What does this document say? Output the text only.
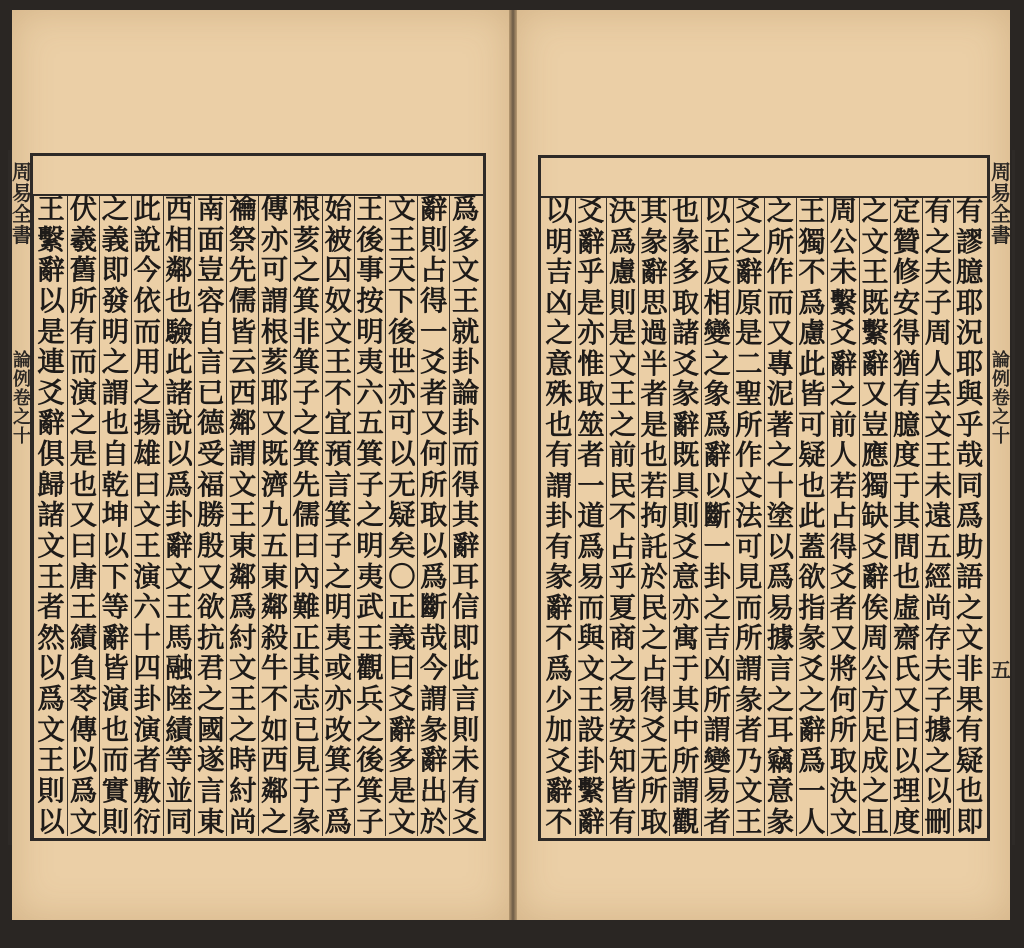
周
易
全
書
論
例
卷
之
十
爲
多
文
王
就
卦
論
卦
而
得
其
辭
耳
信
即
此
言
則
未
有
爻
辭
則
占
得
一
爻
者
又
何
所
取
以
爲
斷
哉
今
謂
彖
辭
出
於
文
王
天
下
後
世
亦
可
以
无
疑
矣
〇
正
義
曰
爻
辭
多
是
文
王
後
事
按
明
夷
六
五
箕
子
之
明
夷
武
王
觀
兵
之
後
箕
子
始
被
囚
奴
文
王
不
宜
預
言
箕
子
之
明
夷
或
亦
改
箕
子
爲
根
荄
之
箕
非
箕
子
之
箕
先
儒
曰
內
難
正
其
志
已
見
于
彖
傳
亦
可
謂
根
荄
耶
又
既
濟
九
五
東
鄰
殺
牛
不
如
西
鄰
之
禴
祭
先
儒
皆
云
西
鄰
謂
文
王
東
鄰
爲
紂
文
王
之
時
紂
尚
南
面
豈
容
自
言
已
德
受
福
勝
殷
又
欲
抗
君
之
國
遂
言
東
西
相
鄰
也
驗
此
諸
說
以
爲
卦
辭
文
王
馬
融
陸
績
等
並
同
此
說
今
依
而
用
之
揚
雄
曰
文
王
演
六
十
四
卦
演
者
敷
衍
之
義
即
發
明
之
謂
也
自
乾
坤
以
下
等
辭
皆
演
也
而
實
則
伏
羲
舊
所
有
而
演
之
是
也
又
曰
唐
王
績
負
苓
傳
以
爲
文
王
繫
辭
以
是
連
爻
辭
俱
歸
諸
文
王
者
然
以
爲
文
王
則
以
周
易
全
書
論
例
卷
之
十
五
有
謬
臆
耶
況
耶
與
乎
哉
同
爲
助
語
之
文
非
果
有
疑
也
即
有
之
夫
子
周
人
去
文
王
未
遠
五
經
尚
存
夫
子
據
之
以
刪
定
贊
修
安
得
猶
有
臆
度
于
其
間
也
虛
齋
氏
又
曰
以
理
度
之
文
王
既
繫
辭
又
豈
應
獨
缺
爻
辭
俟
周
公
方
足
成
之
且
周
公
未
繫
爻
辭
之
前
人
若
占
得
爻
者
又
將
何
所
取
決
文
王
獨
不
爲
慮
此
皆
可
疑
也
此
蓋
欲
指
彖
爻
之
辭
爲
一
人
之
所
作
而
又
專
泥
著
之
十
塗
以
爲
易
據
言
之
耳
竊
意
彖
爻
之
辭
原
是
二
聖
所
作
文
法
可
見
而
所
謂
彖
者
乃
文
王
以
正
反
相
變
之
象
爲
辭
以
斷
一
卦
之
吉
凶
所
謂
變
易
者
也
彖
多
取
諸
爻
彖
辭
既
具
則
爻
意
亦
寓
于
其
中
所
謂
觀
其
彖
辭
思
過
半
者
是
也
若
拘
託
於
民
之
占
得
爻
无
所
取
決
爲
慮
則
是
文
王
之
前
民
不
占
乎
夏
商
之
易
安
知
皆
有
爻
辭
乎
是
亦
惟
取
筮
者
一
道
爲
易
而
與
文
王
設
卦
繫
辭
以
明
吉
凶
之
意
殊
也
有
謂
卦
有
彖
辭
不
爲
少
加
爻
辭
不
